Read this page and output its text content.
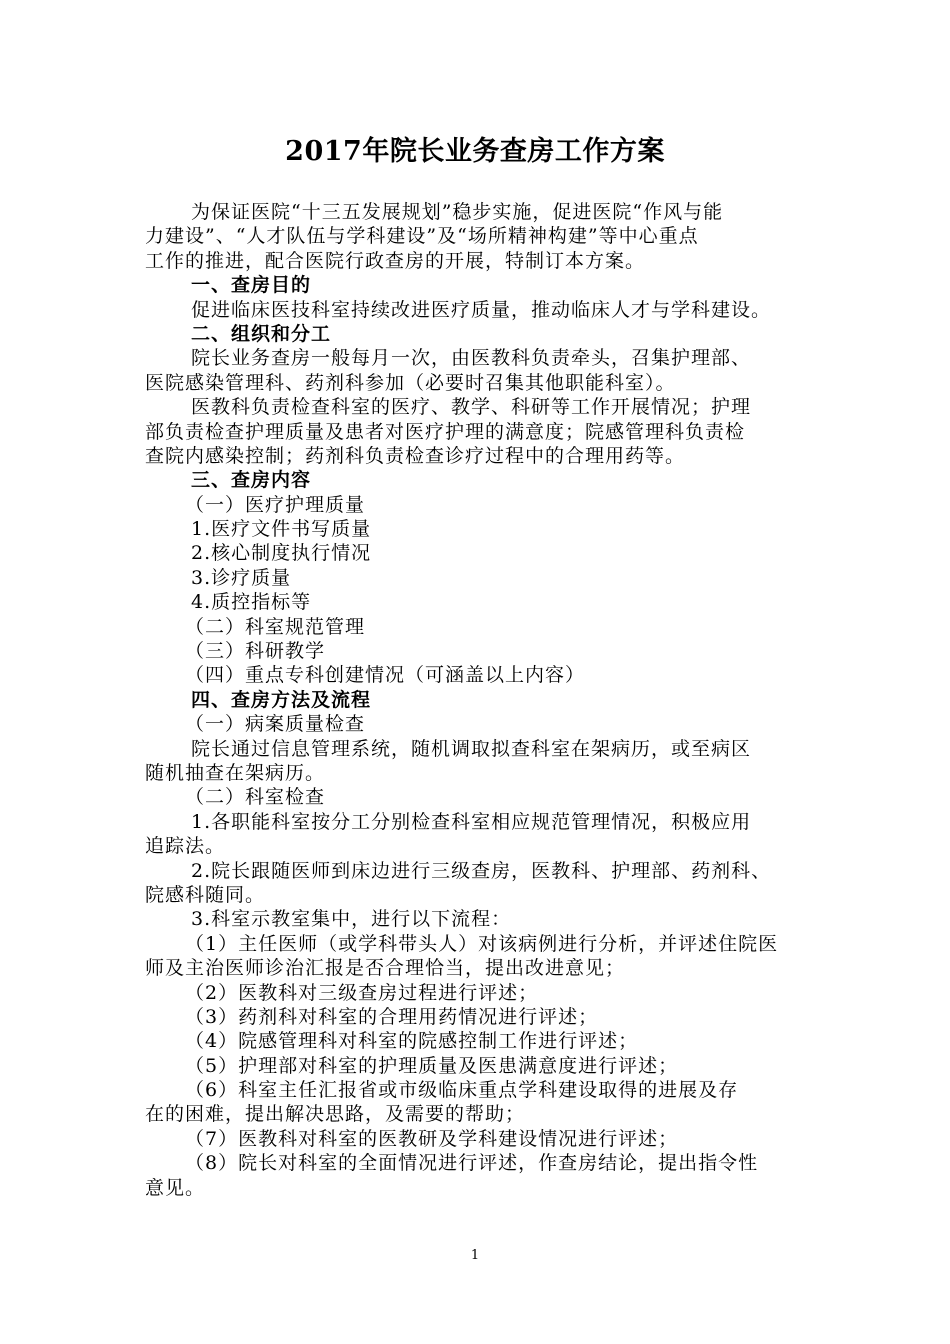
2017年院长业务查房工作方案
为保证医院“十三五发展规划”稳步实施，促进医院“作风与能
力建设”、“人才队伍与学科建设”及“场所精神构建”等中心重点
工作的推进，配合医院行政查房的开展，特制订本方案。
一、查房目的
促进临床医技科室持续改进医疗质量，推动临床人才与学科建设。
二、组织和分工
院长业务查房一般每月一次，由医教科负责牵头，召集护理部、
医院感染管理科、药剂科参加（必要时召集其他职能科室）。
医教科负责检查科室的医疗、教学、科研等工作开展情况；护理
部负责检查护理质量及患者对医疗护理的满意度；院感管理科负责检
查院内感染控制；药剂科负责检查诊疗过程中的合理用药等。
三、查房内容
（一）医疗护理质量
1.医疗文件书写质量
2.核心制度执行情况
3.诊疗质量
4.质控指标等
（二）科室规范管理
（三）科研教学
（四）重点专科创建情况（可涵盖以上内容）
四、查房方法及流程
（一）病案质量检查
院长通过信息管理系统，随机调取拟查科室在架病历，或至病区
随机抽查在架病历。
（二）科室检查
1.各职能科室按分工分别检查科室相应规范管理情况，积极应用
追踪法。
2.院长跟随医师到床边进行三级查房，医教科、护理部、药剂科、
院感科随同。
3.科室示教室集中，进行以下流程：
（1）主任医师（或学科带头人）对该病例进行分析，并评述住院医
师及主治医师诊治汇报是否合理恰当，提出改进意见；
（2）医教科对三级查房过程进行评述；
（3）药剂科对科室的合理用药情况进行评述；
（4）院感管理科对科室的院感控制工作进行评述；
（5）护理部对科室的护理质量及医患满意度进行评述；
（6）科室主任汇报省或市级临床重点学科建设取得的进展及存
在的困难，提出解决思路，及需要的帮助；
（7）医教科对科室的医教研及学科建设情况进行评述；
（8）院长对科室的全面情况进行评述，作查房结论，提出指令性
意见。
1
